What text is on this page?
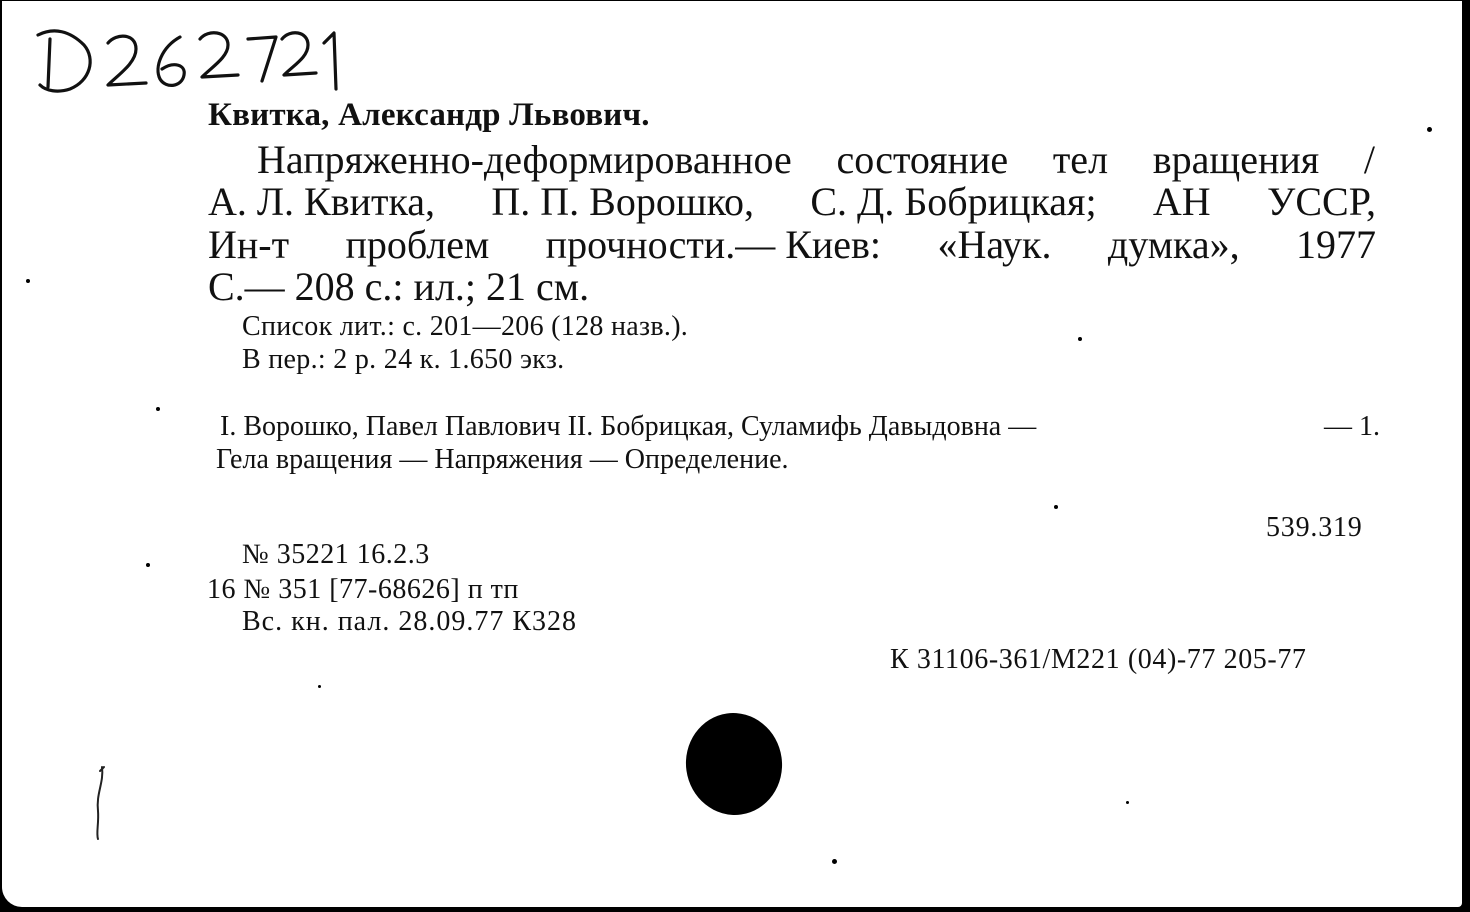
Квитка, Александр Львович.
Напряженно-деформированное состояние тел вращения /
А. Л. Квитка, П. П. Ворошко, С. Д. Бобрицкая; АН УССР,
Ин-т проблем прочности.— Киев: «Наук. думка», 1977
С.— 208 с.: ил.; 21 см.
Список лит.: с. 201—206 (128 назв.).
В пер.: 2 р. 24 к. 1.650 экз.
I. Ворошко, Павел Павлович II. Бобрицкая, Суламифь Давыдовна —	— 1.
Гела вращения — Напряжения — Определение.
539.319
№ 35221 16.2.3
16 № 351 [77-68626] п тп
Вс. кн. пал. 28.09.77 К328
К 31106-361/М221 (04)-77 205-77
